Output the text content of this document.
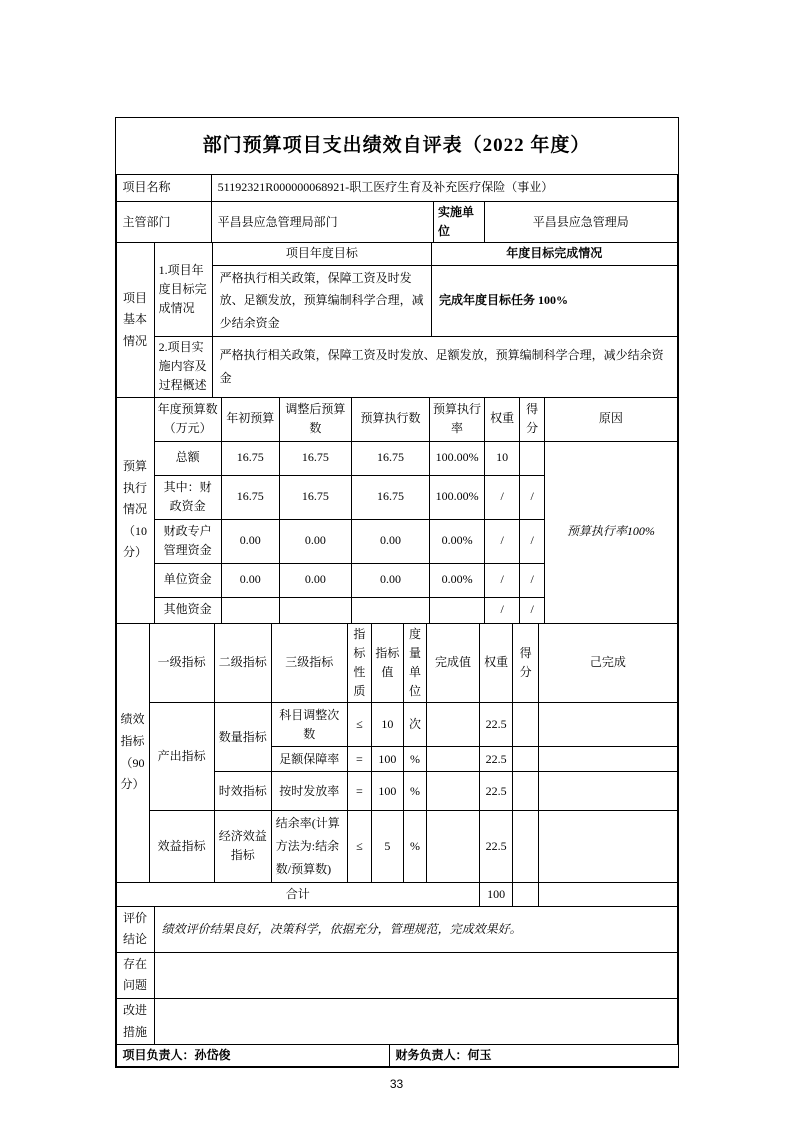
部门预算项目支出绩效自评表（2022 年度）
项目名称	51192321R000000068921-职工医疗生育及补充医疗保险（事业）		
主管部门	平昌县应急管理局部门	实施单位	平昌县应急管理局
项目基本情况	1.项目年度目标完成情况	项目年度目标	年度目标完成情况
		严格执行相关政策，保障工资及时发放、足额发放，预算编制科学合理，减少结余资金	完成年度目标任务 100%
	2.项目实施内容及过程概述	严格执行相关政策，保障工资及时发放、足额发放，预算编制科学合理，减少结余资金	
预算执行情况（10分）	年度预算数（万元）	年初预算	调整后预算数	预算执行数	预算执行率	权重	得分	原因
	总额	16.75	16.75	16.75	100.00%	10		预算执行率100%
	其中：财政资金	16.75	16.75	16.75	100.00%	/	/	
	财政专户管理资金	0.00	0.00	0.00	0.00%	/	/	
	单位资金	0.00	0.00	0.00	0.00%	/	/	
	其他资金					/	/	
绩效指标（90分）	一级指标	二级指标	三级指标	指标性质	指标值	度量单位	完成值	权重	得分	己完成
	产出指标	数量指标	科目调整次数	≤	10	次		22.5		
			足额保障率	=	100	%		22.5		
		时效指标	按时发放率	=	100	%		22.5		
	效益指标	经济效益指标	结余率(计算方法为:结余数/预算数)	≤	5	%		22.5		
合计								100		
评价结论	绩效评价结果良好，决策科学，依据充分，管理规范，完成效果好。
存在问题	
改进措施	
项目负责人：孙岱俊	财务负责人：何玉
33
